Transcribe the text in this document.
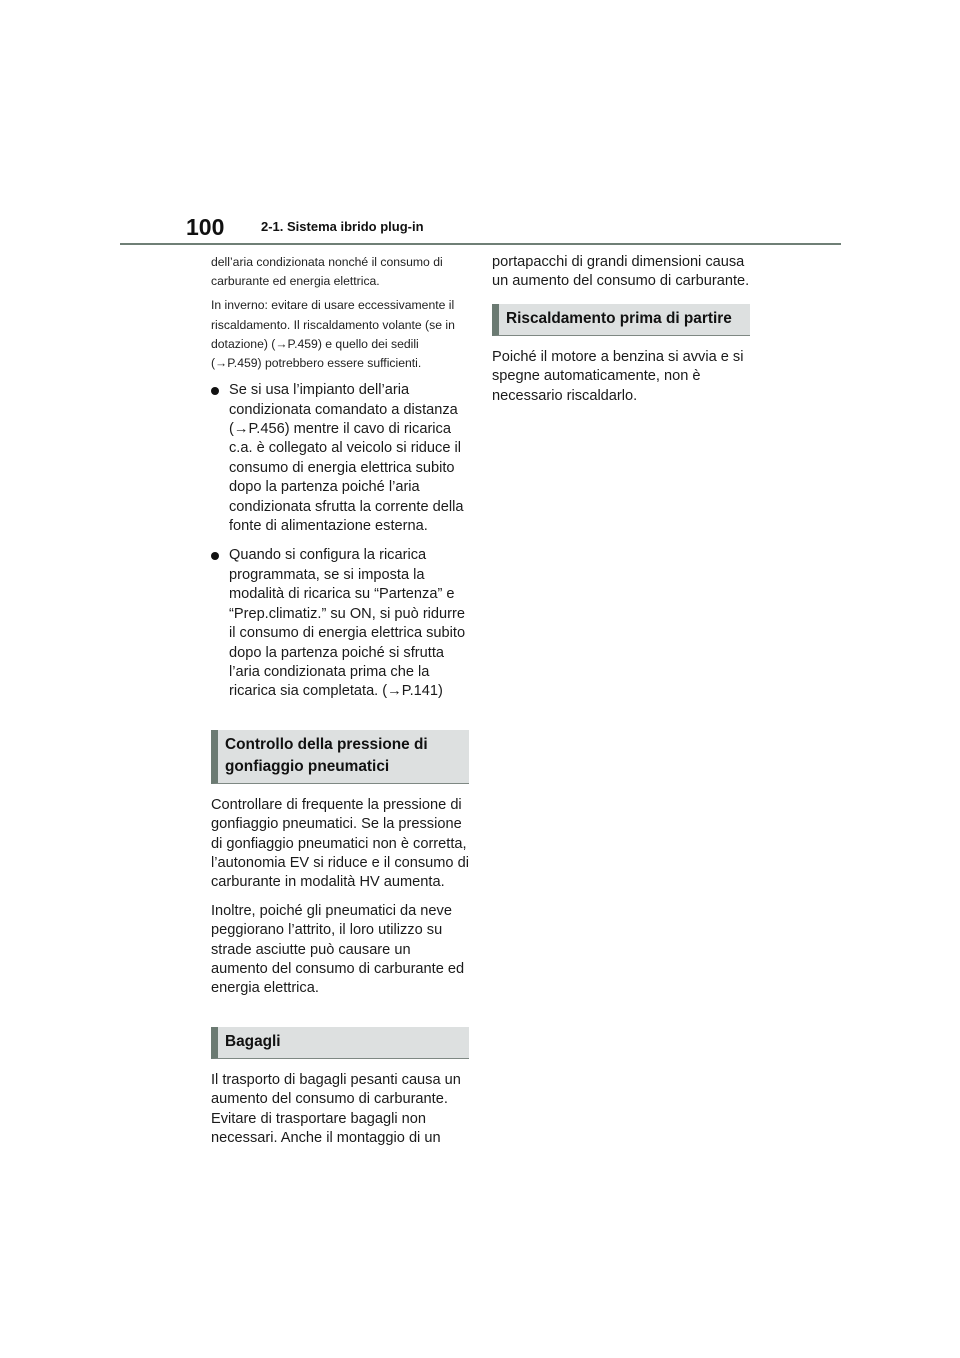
100	2-1. Sistema ibrido plug-in

dell’aria condizionata nonché il consumo di carburante ed energia elettrica.

In inverno: evitare di usare eccessivamente il riscaldamento. Il riscaldamento volante (se in dotazione) (→P.459) e quello dei sedili (→P.459) potrebbero essere sufficienti.

Se si usa l’impianto dell’aria condizionata comandato a distanza (→P.456) mentre il cavo di ricarica c.a. è collegato al veicolo si riduce il consumo di energia elettrica subito dopo la partenza poiché l’aria condizionata sfrutta la corrente della fonte di alimentazione esterna.
Quando si configura la ricarica programmata, se si imposta la modalità di ricarica su “Partenza” e “Prep.climatiz.” su ON, si può ridurre il consumo di energia elettrica subito dopo la partenza poiché si sfrutta l’aria condizionata prima che la ricarica sia completata. (→P.141)
Controllo della pressione di gonfiaggio pneumatici

Controllare di frequente la pressione di gonfiaggio pneumatici. Se la pressione di gonfiaggio pneumatici non è corretta, l’autonomia EV si riduce e il consumo di carburante in modalità HV aumenta.

Inoltre, poiché gli pneumatici da neve peggiorano l’attrito, il loro utilizzo su strade asciutte può causare un aumento del consumo di carburante ed energia elettrica.

Bagagli

Il trasporto di bagagli pesanti causa un aumento del consumo di carburante. Evitare di trasportare bagagli non necessari. Anche il montaggio di un

portapacchi di grandi dimensioni causa un aumento del consumo di carburante.

Riscaldamento prima di partire

Poiché il motore a benzina si avvia e si spegne automaticamente, non è necessario riscaldarlo.
